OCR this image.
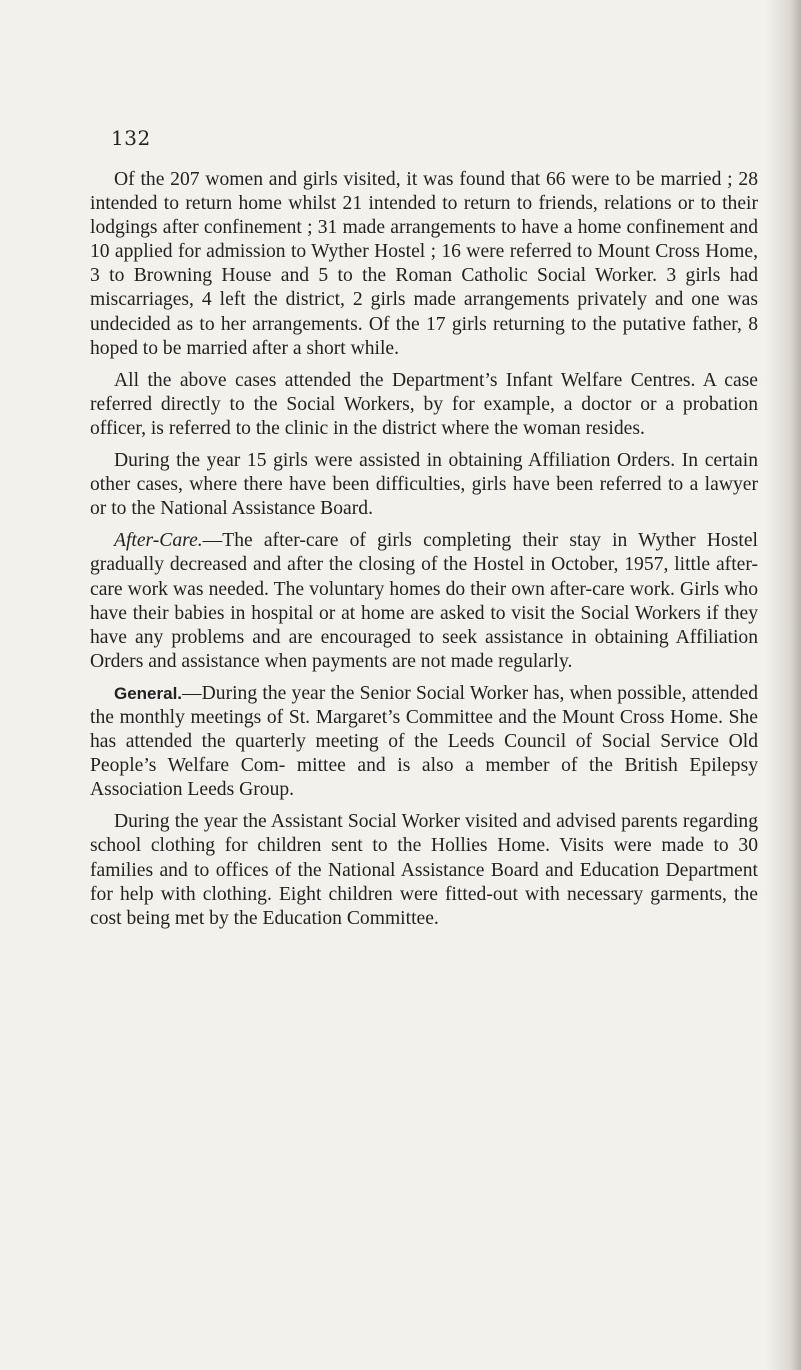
132

Of the 207 women and girls visited, it was found that 66 were to be married ; 28 intended to return home whilst 21 intended to return to friends, relations or to their lodgings after confinement ; 31 made arrangements to have a home confinement and 10 applied for admission to Wyther Hostel ; 16 were referred to Mount Cross Home, 3 to Browning House and 5 to the Roman Catholic Social Worker. 3 girls had miscarriages, 4 left the district, 2 girls made arrangements privately and one was undecided as to her arrangements. Of the 17 girls returning to the putative father, 8 hoped to be married after a short while.

All the above cases attended the Department’s Infant Welfare Centres. A case referred directly to the Social Workers, by for example, a doctor or a probation officer, is referred to the clinic in the district where the woman resides.

During the year 15 girls were assisted in obtaining Affiliation Orders. In certain other cases, where there have been difficulties, girls have been referred to a lawyer or to the National Assistance Board.

After-Care.—The after-care of girls completing their stay in Wyther Hostel gradually decreased and after the closing of the Hostel in October, 1957, little after-care work was needed. The voluntary homes do their own after-care work. Girls who have their babies in hospital or at home are asked to visit the Social Workers if they have any problems and are encouraged to seek assistance in obtaining Affiliation Orders and assistance when payments are not made regularly.

General.—During the year the Senior Social Worker has, when possible, attended the monthly meetings of St. Margaret’s Committee and the Mount Cross Home. She has attended the quarterly meeting of the Leeds Council of Social Service Old People’s Welfare Com- mittee and is also a member of the British Epilepsy Association Leeds Group.

During the year the Assistant Social Worker visited and advised parents regarding school clothing for children sent to the Hollies Home. Visits were made to 30 families and to offices of the National Assistance Board and Education Department for help with clothing. Eight children were fitted-out with necessary garments, the cost being met by the Education Committee.
